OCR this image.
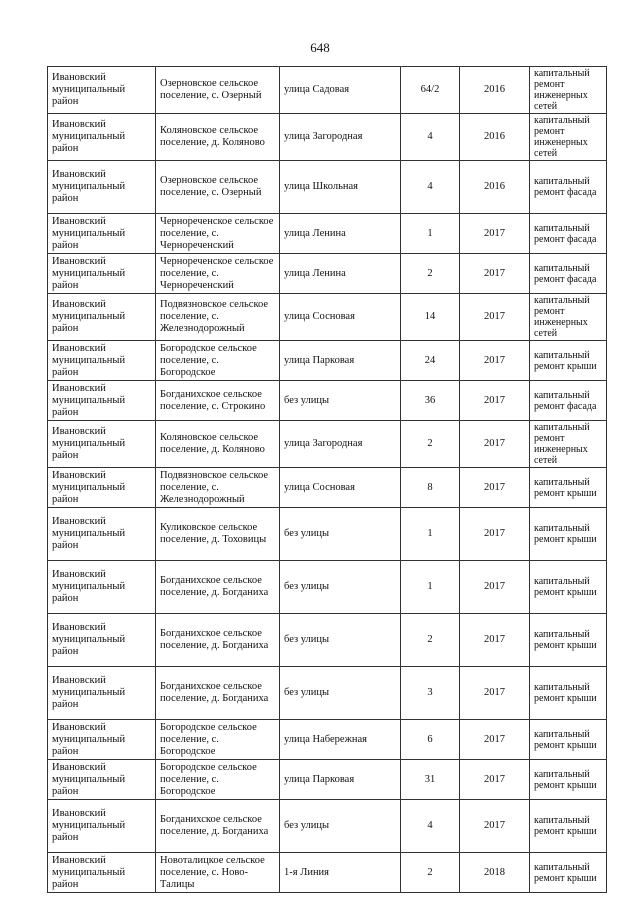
648
Ивановский муниципальный район	Озерновское сельское поселение, с. Озерный	улица Садовая	64/2	2016	капитальный ремонт инженерных сетей
Ивановский муниципальный район	Коляновское сельское поселение, д. Коляново	улица Загородная	4	2016	капитальный ремонт инженерных сетей
Ивановский муниципальный район	Озерновское сельское поселение, с. Озерный	улица Школьная	4	2016	капитальный ремонт фасада
Ивановский муниципальный район	Чернореченское сельское поселение, с. Чернореченский	улица Ленина	1	2017	капитальный ремонт фасада
Ивановский муниципальный район	Чернореченское сельское поселение, с. Чернореченский	улица Ленина	2	2017	капитальный ремонт фасада
Ивановский муниципальный район	Подвязновское сельское поселение, с. Железнодорожный	улица Сосновая	14	2017	капитальный ремонт инженерных сетей
Ивановский муниципальный район	Богородское сельское поселение, с. Богородское	улица Парковая	24	2017	капитальный ремонт крыши
Ивановский муниципальный район	Богданихское сельское поселение, с. Строкино	без улицы	36	2017	капитальный ремонт фасада
Ивановский муниципальный район	Коляновское сельское поселение, д. Коляново	улица Загородная	2	2017	капитальный ремонт инженерных сетей
Ивановский муниципальный район	Подвязновское сельское поселение, с. Железнодорожный	улица Сосновая	8	2017	капитальный ремонт крыши
Ивановский муниципальный район	Куликовское сельское поселение, д. Тоховицы	без улицы	1	2017	капитальный ремонт крыши
Ивановский муниципальный район	Богданихское сельское поселение, д. Богданиха	без улицы	1	2017	капитальный ремонт крыши
Ивановский муниципальный район	Богданихское сельское поселение, д. Богданиха	без улицы	2	2017	капитальный ремонт крыши
Ивановский муниципальный район	Богданихское сельское поселение, д. Богданиха	без улицы	3	2017	капитальный ремонт крыши
Ивановский муниципальный район	Богородское сельское поселение, с. Богородское	улица Набережная	6	2017	капитальный ремонт крыши
Ивановский муниципальный район	Богородское сельское поселение, с. Богородское	улица Парковая	31	2017	капитальный ремонт крыши
Ивановский муниципальный район	Богданихское сельское поселение, д. Богданиха	без улицы	4	2017	капитальный ремонт крыши
Ивановский муниципальный район	Новоталицкое сельское поселение, с. Ново-Талицы	1-я Линия	2	2018	капитальный ремонт крыши
